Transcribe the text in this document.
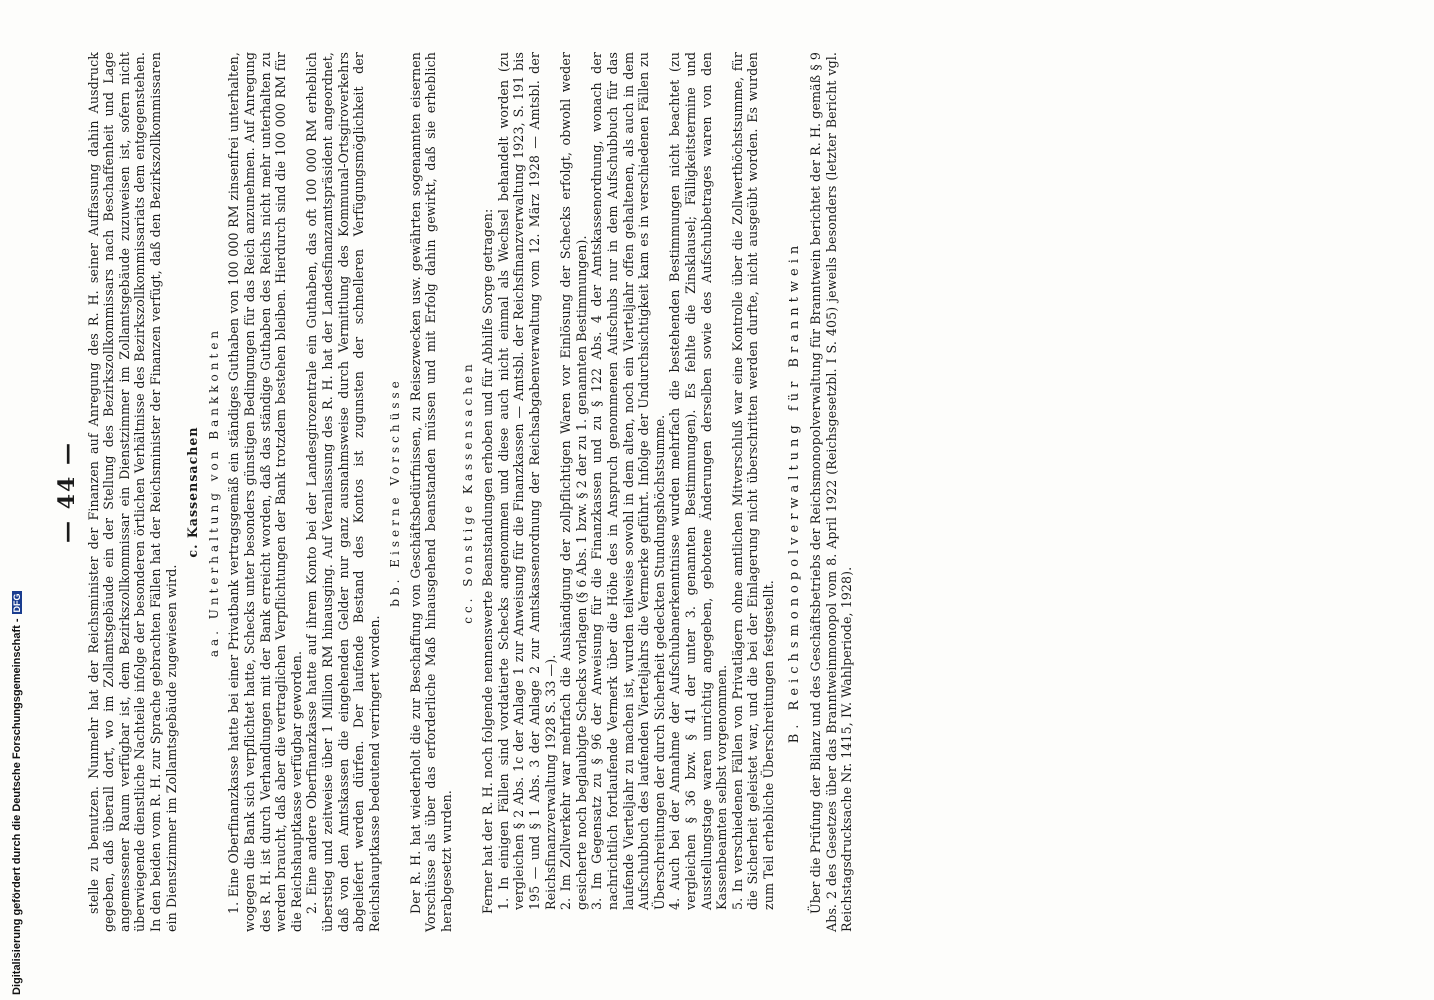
— 44 — stelle zu benutzen. Nunmehr hat der Reichsminister der Finanzen auf Anregung des R. H. seiner Auffassung dahin Ausdruck gegeben, daß überall dort, wo im Zollamtsgebäude ein der Stellung des Bezirkszollkommissars nach Beschaffenheit und Lage angemessener Raum verfügbar ist, dem Bezirkszollkommissar ein Dienstzimmer im Zollamtsgebäude zuzuweisen ist, sofern nicht überwiegende dienstliche Nachteile infolge der besonderen örtlichen Verhältnisse des Bezirkszollkommissariats dem entgegenstehen. In den beiden vom R. H. zur Sprache gebrachten Fällen hat der Reichsminister der Finanzen verfügt, daß den Bezirkszollkommissaren ein Dienstzimmer im Zollamtsgebäude zugewiesen wird.

c. Kassensachen aa. Unterhaltung von Bankkonten 1. Eine Oberfinanzkasse hatte bei einer Privatbank vertragsgemäß ein ständiges Guthaben von 100 000 RM zinsenfrei unterhalten, wogegen die Bank sich verpflichtet hatte, Schecks unter besonders günstigen Bedingungen für das Reich anzunehmen. Auf Anregung des R. H. ist durch Verhandlungen mit der Bank erreicht worden, daß das ständige Guthaben des Reichs nicht mehr unterhalten zu werden braucht, daß aber die vertraglichen Verpflichtungen der Bank trotzdem bestehen bleiben. Hierdurch sind die 100 000 RM für die Reichshauptkasse verfügbar geworden. 2. Eine andere Oberfinanzkasse hatte auf ihrem Konto bei der Landesgirozentrale ein Guthaben, das oft 100 000 RM erheblich überstieg und zeitweise über 1 Million RM hinausging. Auf Veranlassung des R. H. hat der Landesfinanzamtspräsident angeordnet, daß von den Amtskassen die eingehenden Gelder nur ganz ausnahmsweise durch Vermittlung des Kommunal-Ortsgiroverkehrs abgeliefert werden dürfen. Der laufende Bestand des Kontos ist zugunsten der schnelleren Verfügungsmöglichkeit der Reichshauptkasse bedeutend verringert worden.

bb. Eiserne Vorschüsse Der R. H. hat wiederholt die zur Beschaffung von Geschäftsbedürfnissen, zu Reisezwecken usw. gewährten sogenannten eisernen Vorschüsse als über das erforderliche Maß hinausgehend beanstanden müssen und mit Erfolg dahin gewirkt, daß sie erheblich herabgesetzt wurden.

cc. Sonstige Kassensachen Ferner hat der R. H. noch folgende nennenswerte Beanstandungen erhoben und für Abhilfe Sorge getragen: 1. In einigen Fällen sind vordatierte Schecks angenommen und diese auch nicht einmal als Wechsel behandelt worden (zu vergleichen § 2 Abs. 1c der Anlage 1 zur Anweisung für die Finanzkassen — Amtsbl. der Reichsfinanzverwaltung 1923, S. 191 bis 195 — und § 1 Abs. 3 der Anlage 2 zur Amtskassenordnung der Reichsabgabenverwaltung vom 12. März 1928 — Amtsbl. der Reichsfinanzverwaltung 1928 S. 33 —). 2. Im Zollverkehr war mehrfach die Aushändigung der zollpflichtigen Waren vor Einlösung der Schecks erfolgt, obwohl weder gesicherte noch beglaubigte Schecks vorlagen (§ 6 Abs. 1 bzw. § 2 der zu 1. genannten Bestimmungen). 3. Im Gegensatz zu § 96 der Anweisung für die Finanzkassen und zu § 122 Abs. 4 der Amtskassenordnung, wonach der nachrichtlich fortlaufende Vermerk über die Höhe des in Anspruch genommenen Aufschubs nur in dem Aufschubbuch für das laufende Vierteljahr zu machen ist, wurden teilweise sowohl in dem alten, noch ein Vierteljahr offen gehaltenen, als auch in dem Aufschubbuch des laufenden Vierteljahrs die Vermerke geführt. Infolge der Undurchsichtigkeit kam es in verschiedenen Fällen zu Überschreitungen der durch Sicherheit gedeckten Stundungshöchstsumme. 4. Auch bei der Annahme der Aufschubanerkenntnisse wurden mehrfach die bestehenden Bestimmungen nicht beachtet (zu vergleichen § 36 bzw. § 41 der unter 3. genannten Bestimmungen). Es fehlte die Zinsklausel; Fälligkeitstermine und Ausstellungstage waren unrichtig angegeben, gebotene Änderungen derselben sowie des Aufschubbetrages waren von den Kassenbeamten selbst vorgenommen. 5. In verschiedenen Fällen von Privatlägern ohne amtlichen Mitverschluß war eine Kontrolle über die Zollwerthöchstsumme, für die Sicherheit geleistet war, und die bei der Einlagerung nicht überschritten werden durfte, nicht ausgeübt worden. Es wurden zum Teil erhebliche Überschreitungen festgestellt.
B. Reichsmonopolverwaltung für Branntwein Über die Prüfung der Bilanz und des Geschäftsbetriebs der Reichsmonopolverwaltung für Branntwein berichtet der R. H. gemäß § 9 Abs. 2 des Gesetzes über das Branntweinmonopol vom 8. April 1922 (Reichsgesetzbl. I S. 405) jeweils besonders (letzter Bericht vgl. Reichstagsdrucksache Nr. 1415, IV. Wahlperiode, 1928).

Digitalisierung gefördert durch die Deutsche Forschungsgemeinschaft -DFG
